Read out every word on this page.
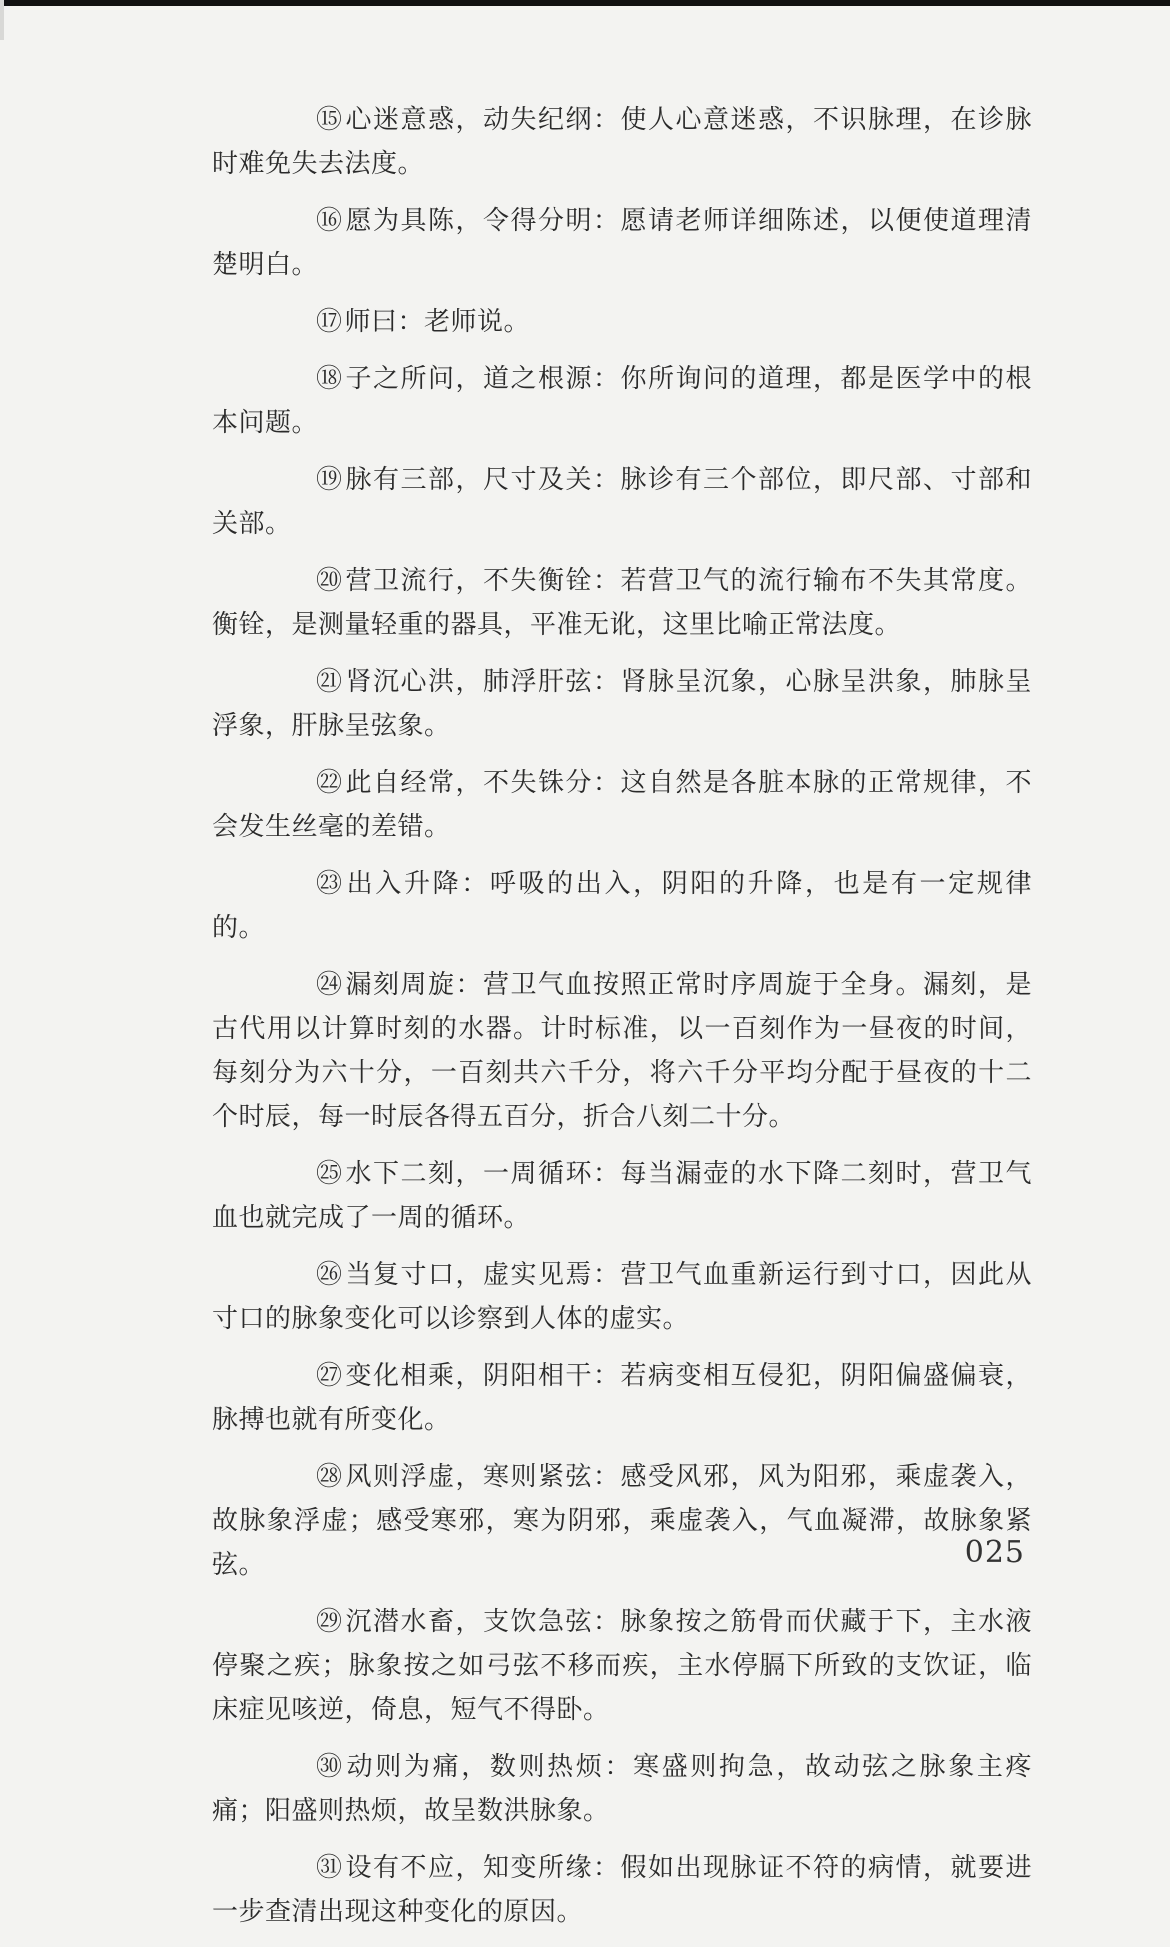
⑮心迷意惑，动失纪纲：使人心意迷惑，不识脉理，在诊脉时难免失去法度。

⑯愿为具陈，令得分明：愿请老师详细陈述，以便使道理清楚明白。

⑰师曰：老师说。

⑱子之所问，道之根源：你所询问的道理，都是医学中的根本问题。

⑲脉有三部，尺寸及关：脉诊有三个部位，即尺部、寸部和关部。

⑳营卫流行，不失衡铨：若营卫气的流行输布不失其常度。衡铨，是测量轻重的器具，平准无讹，这里比喻正常法度。

㉑肾沉心洪，肺浮肝弦：肾脉呈沉象，心脉呈洪象，肺脉呈浮象，肝脉呈弦象。

㉒此自经常，不失铢分：这自然是各脏本脉的正常规律，不会发生丝毫的差错。

㉓出入升降：呼吸的出入，阴阳的升降，也是有一定规律的。

㉔漏刻周旋：营卫气血按照正常时序周旋于全身。漏刻，是古代用以计算时刻的水器。计时标准，以一百刻作为一昼夜的时间，每刻分为六十分，一百刻共六千分，将六千分平均分配于昼夜的十二个时辰，每一时辰各得五百分，折合八刻二十分。

㉕水下二刻，一周循环：每当漏壶的水下降二刻时，营卫气血也就完成了一周的循环。

㉖当复寸口，虚实见焉：营卫气血重新运行到寸口，因此从寸口的脉象变化可以诊察到人体的虚实。

㉗变化相乘，阴阳相干：若病变相互侵犯，阴阳偏盛偏衰，脉搏也就有所变化。

㉘风则浮虚，寒则紧弦：感受风邪，风为阳邪，乘虚袭入，故脉象浮虚；感受寒邪，寒为阴邪，乘虚袭入，气血凝滞，故脉象紧弦。

㉙沉潜水畜，支饮急弦：脉象按之筋骨而伏藏于下，主水液停聚之疾；脉象按之如弓弦不移而疾，主水停膈下所致的支饮证，临床症见咳逆，倚息，短气不得卧。

㉚动则为痛，数则热烦：寒盛则拘急，故动弦之脉象主疼痛；阳盛则热烦，故呈数洪脉象。

㉛设有不应，知变所缘：假如出现脉证不符的病情，就要进一步查清出现这种变化的原因。

025
